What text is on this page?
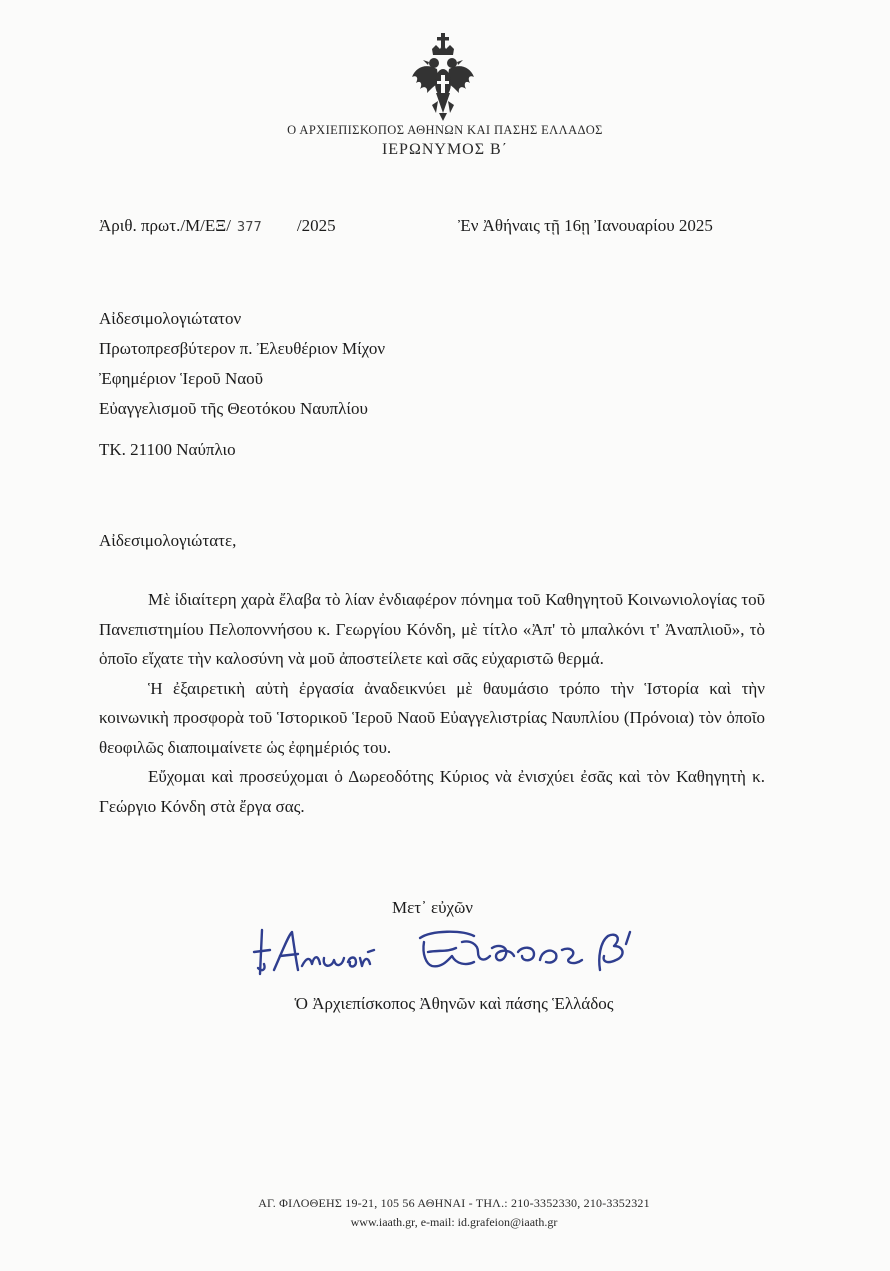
Ο ΑΡΧΙΕΠΙΣΚΟΠΟΣ ΑΘΗΝΩΝ ΚΑΙ ΠΑΣΗΣ ΕΛΛΑΔΟΣ
ΙΕΡΩΝΥΜΟΣ Β΄
Ἀριθ. πρωτ./Μ/ΕΞ/ 377 /2025	Ἐν Ἀθήναις τῇ 16ῃ Ἰανουαρίου 2025
Αἰδεσιμολογιώτατον
Πρωτοπρεσβύτερον π. Ἐλευθέριον Μίχον
Ἐφημέριον Ἱεροῦ Ναοῦ
Εὐαγγελισμοῦ τῆς Θεοτόκου Ναυπλίου
ΤΚ. 21100 Ναύπλιο
Αἰδεσιμολογιώτατε,

Μὲ ἰδιαίτερη χαρὰ ἔλαβα τὸ λίαν ἐνδιαφέρον πόνημα τοῦ Καθηγητοῦ Κοινωνιολογίας τοῦ Πανεπιστημίου Πελοποννήσου κ. Γεωργίου Κόνδη, μὲ τίτλο «Ἀπ' τὸ μπαλκόνι τ' Ἀναπλιοῦ», τὸ ὁποῖο εἴχατε τὴν καλοσύνη νὰ μοῦ ἀποστείλετε καὶ σᾶς εὐχαριστῶ θερμά.

Ἡ ἐξαιρετικὴ αὐτὴ ἐργασία ἀναδεικνύει μὲ θαυμάσιο τρόπο τὴν Ἱστορία καὶ τὴν κοινωνικὴ προσφορὰ τοῦ Ἱστορικοῦ Ἱεροῦ Ναοῦ Εὐαγγελιστρίας Ναυπλίου (Πρόνοια) τὸν ὁποῖο θεοφιλῶς διαποιμαίνετε ὡς ἐφημέριός του.

Εὔχομαι καὶ προσεύχομαι ὁ Δωρεοδότης Κύριος νὰ ἐνισχύει ἐσᾶς καὶ τὸν Καθηγητὴ κ. Γεώργιο Κόνδη στὰ ἔργα σας.

Μετ᾽ εὐχῶν
Ὁ Ἀρχιεπίσκοπος Ἀθηνῶν καὶ πάσης Ἑλλάδος
ΑΓ. ΦΙΛΟΘΕΗΣ 19-21, 105 56 ΑΘΗΝΑΙ - ΤΗΛ.: 210-3352330, 210-3352321
www.iaath.gr, e-mail: id.grafeion@iaath.gr
